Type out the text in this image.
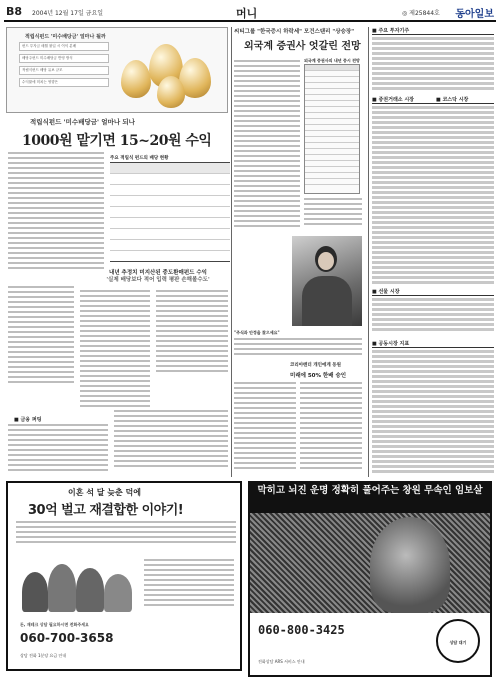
B8 2004년 12월 17일 금요일	머니	◎ 제25844호 동아일보
적립식펀드 '미수배당금' 얼마나 될까
펀드 투자금 매월 불입 시 이익 분배
배당주펀드 미수배당금 반영 방식
적립식펀드 배당 유보 규모
수익률에 미치는 영향은
적립식펀드 '미수배당금' 얼마나 되나
1000원 맡기면 15~20원 수익
주요 적립식 펀드의 배당 현황
내년 추정치 미지산된 중도환매펀드 수익
'실제 배당보다 적어 입력 평판 손해볼수도'
■ 금융 퍼팅
씨티그룹 "한국증시 하락세" 모건스탠리 "상승장"
외국계 증권사 엇갈린 전망
외국계 증권사의 내년 증시 전망
"주식과 안정을 찾으세요"
코리아텐더 개인에게 동원
미래에 50% 한배 승인
■ 주요 투자기주
■ 증권거래소 시장	■ 코스닥 시장
■ 선물 시장
■ 공동시장 지표
이혼 석 달 늦춘 덕에
30억 벌고 재결합한 이야기!
돈, 재테크 상담 필요하시면 전화주세요
060-700-3658
상담 전화 1분당 요금 안내
막히고 뇌진 운명 정확히 풀어주는 창원 무속인 임보살
060-800-3425
상담 대기
전화상담 ARS 서비스 안내
